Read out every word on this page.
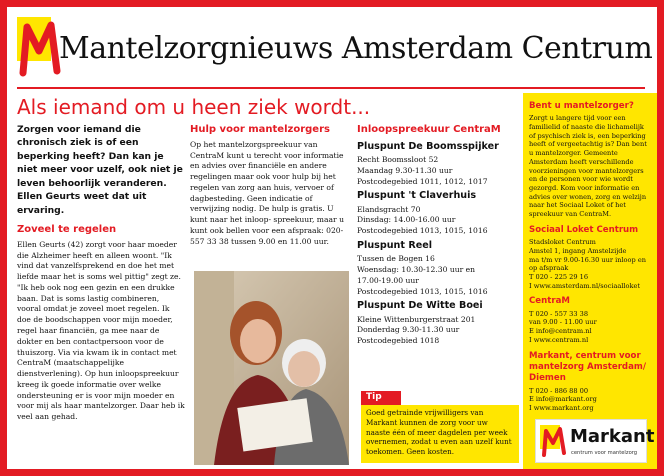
Mantelzorgnieuws Amsterdam Centrum
Als iemand om u heen ziek wordt...

Zorgen voor iemand die chronisch ziek is of een beperking heeft? Dan kan je niet meer voor uzelf, ook niet je leven behoorlijk veranderen. Ellen Geurts weet dat uit ervaring.

Zoveel te regelen

Ellen Geurts (42) zorgt voor haar moeder die Alzheimer heeft en alleen woont. "Ik vind dat vanzelfsprekend en doe het met liefde maar het is soms wel pittig" zegt ze. "Ik heb ook nog een gezin en een drukke baan. Dat is soms lastig combineren, vooral omdat je zoveel moet regelen. Ik doe de boodschappen voor mijn moeder, regel haar financiën, ga mee naar de dokter en ben contactpersoon voor de thuiszorg. Via via kwam ik in contact met CentraM (maatschappelijke dienstverlening). Op hun inloopspreekuur kreeg ik goede informatie over welke ondersteuning er is voor mijn moeder en voor mij als haar mantelzorger. Daar heb ik veel aan gehad.

Hulp voor mantelzorgers

Op het mantelzorgspreekuur van CentraM kunt u terecht voor informatie en advies over financiële en andere regelingen maar ook voor hulp bij het regelen van zorg aan huis, vervoer of dagbesteding. Geen indicatie of verwijzing nodig. De hulp is gratis. U kunt naar het inloop- spreekuur, maar u kunt ook bellen voor een afspraak: 020-557 33 38 tussen 9.00 en 11.00 uur.

Inloopspreekuur CentraM
Pluspunt De Boomsspijker
Recht Boomssloot 52
Maandag 9.30-11.30 uur
Postcodegebied 1011, 1012, 1017
Pluspunt 't Claverhuis
Elandsgracht 70
Dinsdag: 14.00-16.00 uur
Postcodegebied 1013, 1015, 1016
Pluspunt Reel
Tussen de Bogen 16
Woensdag: 10.30-12.30 uur en
17.00-19.00 uur
Postcodegebied 1013, 1015, 1016
Pluspunt De Witte Boei
Kleine Wittenburgerstraat 201
Donderdag 9.30-11.30 uur
Postcodegebied 1018
Tip

Goed getrainde vrijwilligers van Markant kunnen de zorg voor uw naaste één of meer dagdelen per week overnemen, zodat u even aan uzelf kunt toekomen. Geen kosten.

Bent u mantelzorger?

Zorgt u langere tijd voor een familielid of naaste die lichamelijk of psychisch ziek is, een beperking heeft of vergeetachtig is? Dan bent u mantelzorger. Gemeente Amsterdam heeft verschillende voorzieningen voor mantelzorgers en de personen voor wie wordt gezorgd. Kom voor informatie en advies over wonen, zorg en welzijn naar het Sociaal Loket of het spreekuur van CentraM.

Sociaal Loket Centrum
Stadsloket Centrum
Amstel 1, ingang Amstelzijde
ma t/m vr 9.00-16.30 uur inloop en
op afspraak
T 020 - 225 29 16
I www.amsterdam.nl/sociaalloket
CentraM
T 020 - 557 33 38
van 9.00 - 11.00 uur
E info@centram.nl
I www.centram.nl
Markant, centrum voor mantelzorg Amsterdam/ Diemen
T 020 - 886 88 00
E info@markant.org
I www.markant.org
Markant
centrum voor mantelzorg
